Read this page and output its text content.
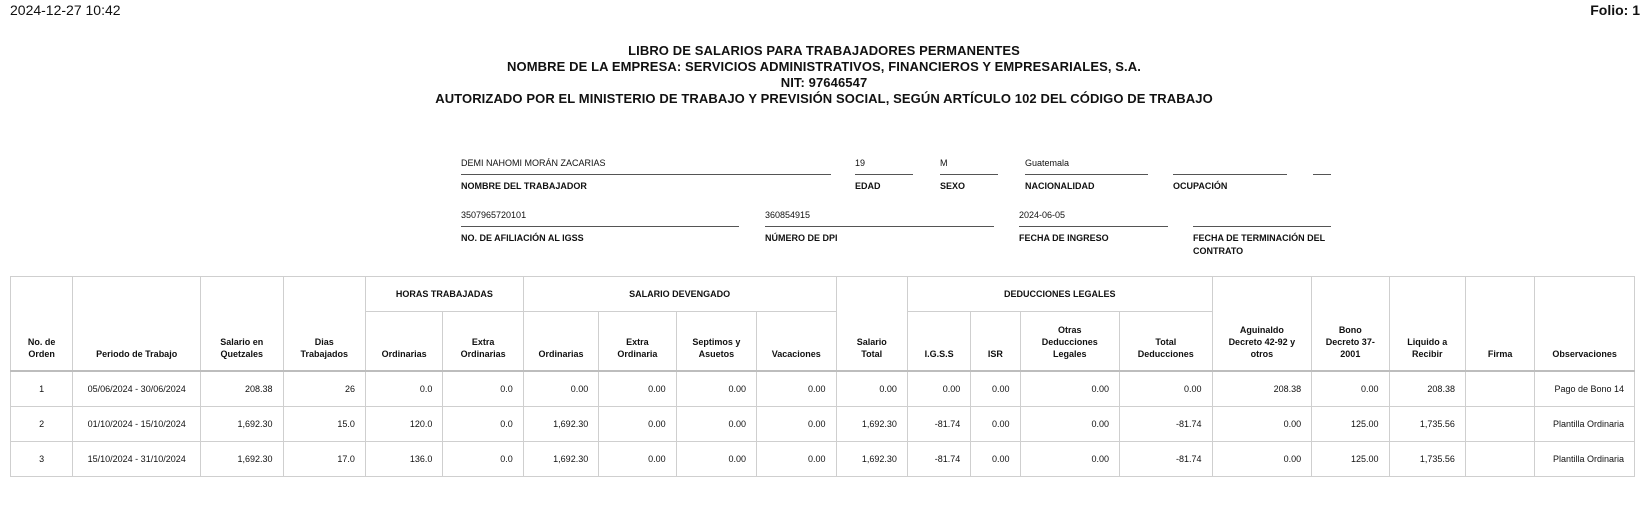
2024-12-27 10:42	Folio: 1
LIBRO DE SALARIOS PARA TRABAJADORES PERMANENTES
NOMBRE DE LA EMPRESA: SERVICIOS ADMINISTRATIVOS, FINANCIEROS Y EMPRESARIALES, S.A.
NIT: 97646547
AUTORIZADO POR EL MINISTERIO DE TRABAJO Y PREVISIÓN SOCIAL, SEGÚN ARTÍCULO 102 DEL CÓDIGO DE TRABAJO
DEMI NAHOMI MORÁN ZACARIAS
NOMBRE DEL TRABAJADOR
19
EDAD
M
SEXO
Guatemala
NACIONALIDAD	OCUPACIÓN
3507965720101
NO. DE AFILIACIÓN AL IGSS
360854915
NÚMERO DE DPI
2024-06-05
FECHA DE INGRESO	FECHA DE TERMINACIÓN DEL CONTRATO
No. de Orden	Periodo de Trabajo	Salario en Quetzales	Dias Trabajados	HORAS TRABAJADAS		SALARIO DEVENGADO				Salario Total	DEDUCCIONES LEGALES				Aguinaldo Decreto 42-92 y otros	Bono Decreto 37-2001	Liquido a Recibir	Firma	Observaciones
				Ordinarias	Extra Ordinarias	Ordinarias	Extra Ordinaria	Septimos y Asuetos	Vacaciones		I.G.S.S	ISR	Otras Deducciones Legales	Total Deducciones					
1	05/06/2024 - 30/06/2024	208.38	26	0.0	0.0	0.00	0.00	0.00	0.00	0.00	0.00	0.00	0.00	0.00	208.38	0.00	208.38		Pago de Bono 14
2	01/10/2024 - 15/10/2024	1,692.30	15.0	120.0	0.0	1,692.30	0.00	0.00	0.00	1,692.30	-81.74	0.00	0.00	-81.74	0.00	125.00	1,735.56		Plantilla Ordinaria
3	15/10/2024 - 31/10/2024	1,692.30	17.0	136.0	0.0	1,692.30	0.00	0.00	0.00	1,692.30	-81.74	0.00	0.00	-81.74	0.00	125.00	1,735.56		Plantilla Ordinaria
